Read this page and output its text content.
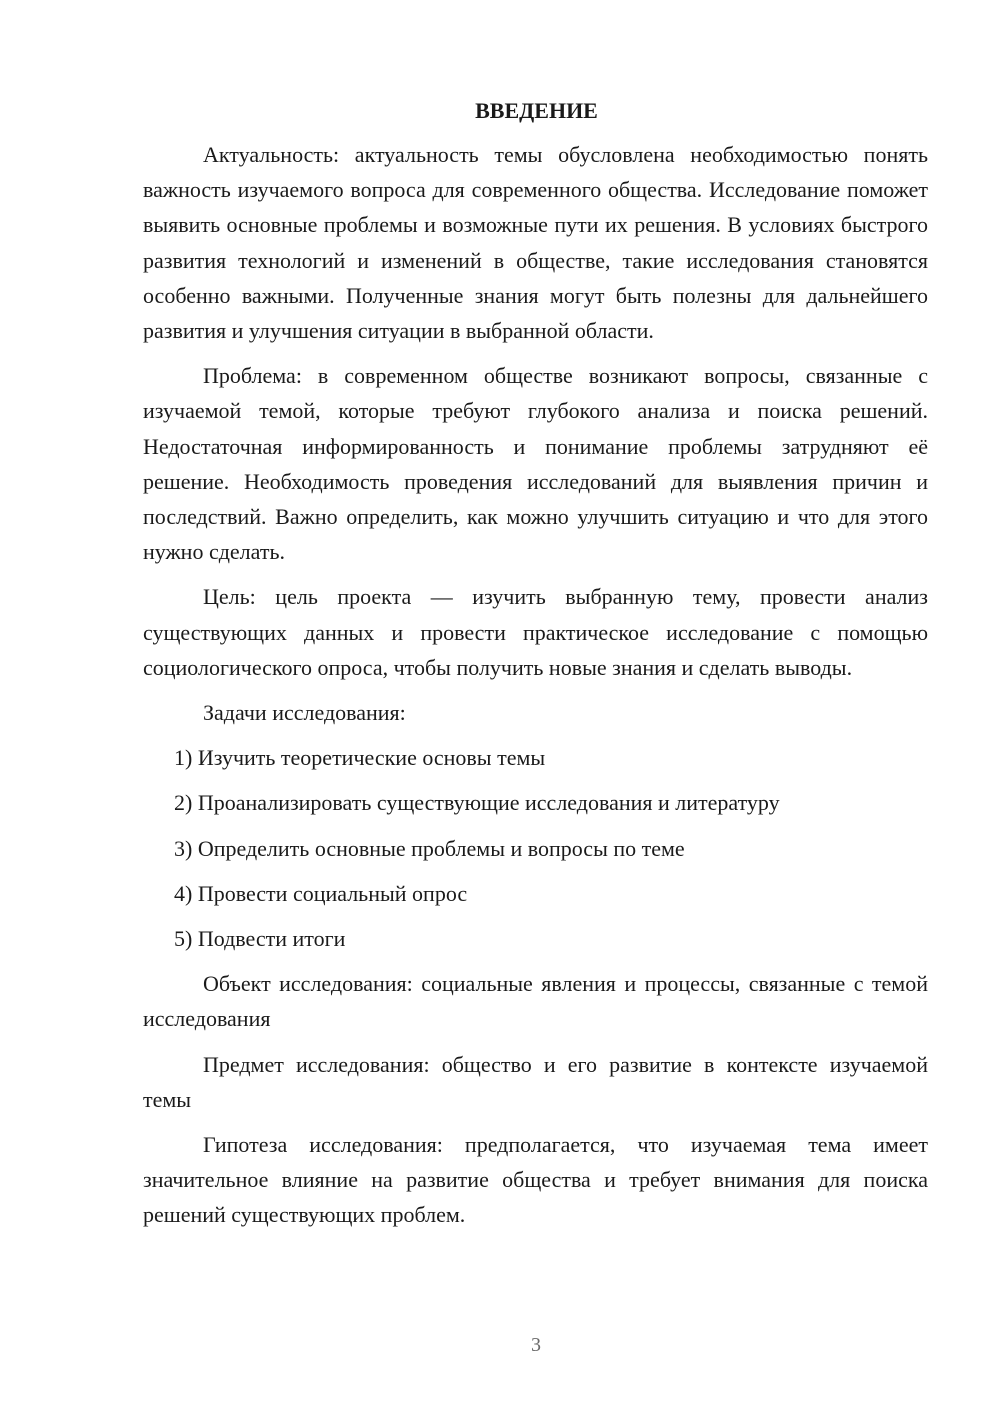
ВВЕДЕНИЕ

Актуальность: актуальность темы обусловлена необходимостью понять важность изучаемого вопроса для современного общества. Исследование поможет выявить основные проблемы и возможные пути их решения. В условиях быстрого развития технологий и изменений в обществе, такие исследования становятся особенно важными. Полученные знания могут быть полезны для дальнейшего развития и улучшения ситуации в выбранной области.

Проблема: в современном обществе возникают вопросы, связанные с изучаемой темой, которые требуют глубокого анализа и поиска решений. Недостаточная информированность и понимание проблемы затрудняют её решение. Необходимость проведения исследований для выявления причин и последствий. Важно определить, как можно улучшить ситуацию и что для этого нужно сделать.

Цель: цель проекта — изучить выбранную тему, провести анализ существующих данных и провести практическое исследование с помощью социологического опроса, чтобы получить новые знания и сделать выводы.

Задачи исследования:

1) Изучить теоретические основы темы
2) Проанализировать существующие исследования и литературу
3) Определить основные проблемы и вопросы по теме
4) Провести социальный опрос
5) Подвести итоги

Объект исследования: социальные явления и процессы, связанные с темой исследования

Предмет исследования: общество и его развитие в контексте изучаемой темы

Гипотеза исследования: предполагается, что изучаемая тема имеет значительное влияние на развитие общества и требует внимания для поиска решений существующих проблем.

3
